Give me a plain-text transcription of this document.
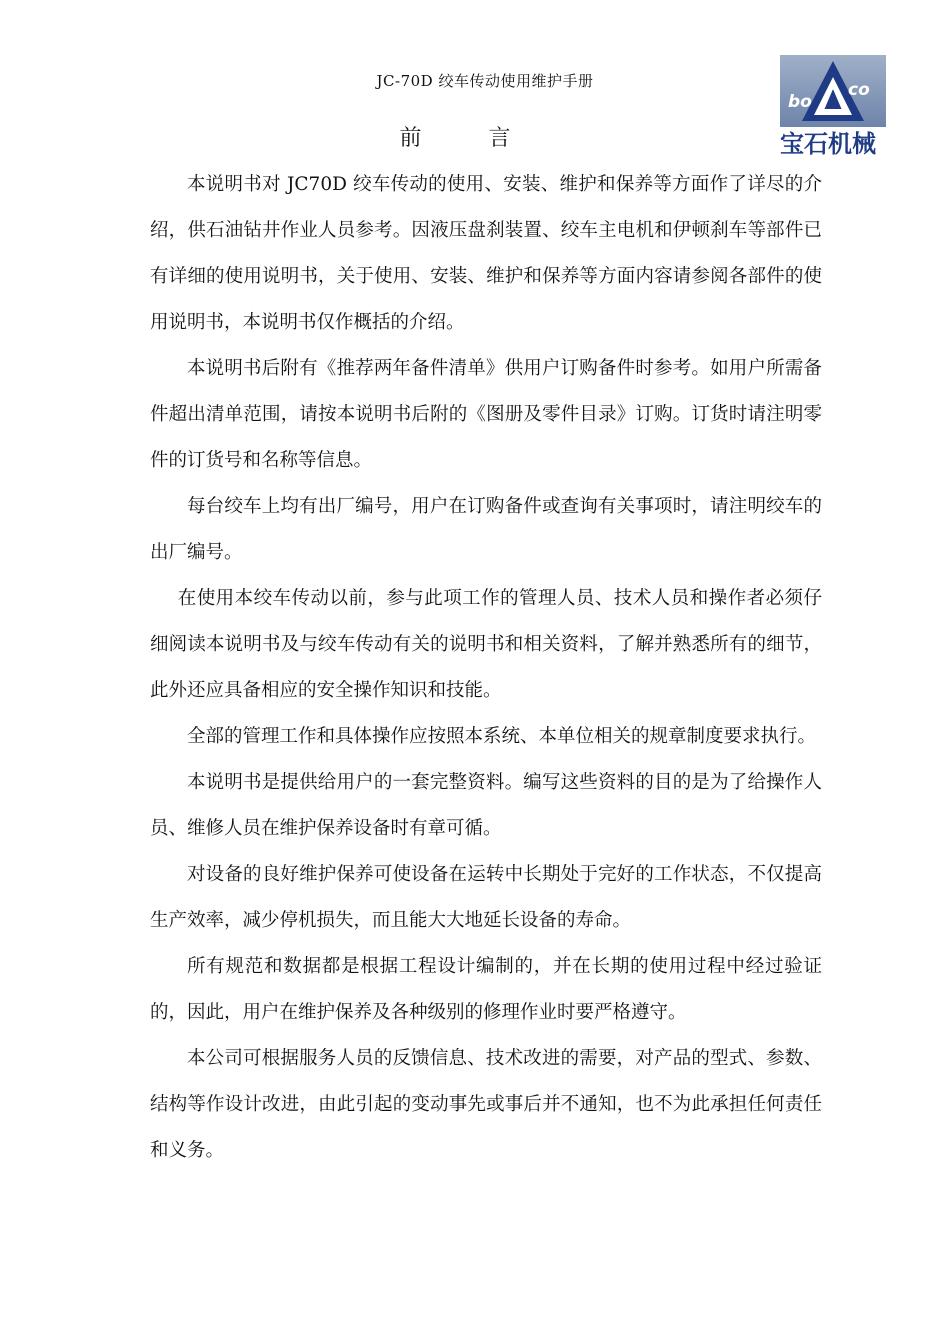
JC-70D 绞车传动使用维护手册
bo
co
宝石机械
前 言

本说明书对 JC70D 绞车传动的使用、安装、维护和保养等方面作了详尽的介绍，供石油钻井作业人员参考。因液压盘刹装置、绞车主电机和伊顿刹车等部件已有详细的使用说明书，关于使用、安装、维护和保养等方面内容请参阅各部件的使用说明书，本说明书仅作概括的介绍。

本说明书后附有《推荐两年备件清单》供用户订购备件时参考。如用户所需备件超出清单范围，请按本说明书后附的《图册及零件目录》订购。订货时请注明零件的订货号和名称等信息。

每台绞车上均有出厂编号，用户在订购备件或查询有关事项时，请注明绞车的出厂编号。

在使用本绞车传动以前，参与此项工作的管理人员、技术人员和操作者必须仔细阅读本说明书及与绞车传动有关的说明书和相关资料，了解并熟悉所有的细节，此外还应具备相应的安全操作知识和技能。

全部的管理工作和具体操作应按照本系统、本单位相关的规章制度要求执行。

本说明书是提供给用户的一套完整资料。编写这些资料的目的是为了给操作人员、维修人员在维护保养设备时有章可循。

对设备的良好维护保养可使设备在运转中长期处于完好的工作状态，不仅提高生产效率，减少停机损失，而且能大大地延长设备的寿命。

所有规范和数据都是根据工程设计编制的，并在长期的使用过程中经过验证的，因此，用户在维护保养及各种级别的修理作业时要严格遵守。

本公司可根据服务人员的反馈信息、技术改进的需要，对产品的型式、参数、结构等作设计改进，由此引起的变动事先或事后并不通知，也不为此承担任何责任和义务。
